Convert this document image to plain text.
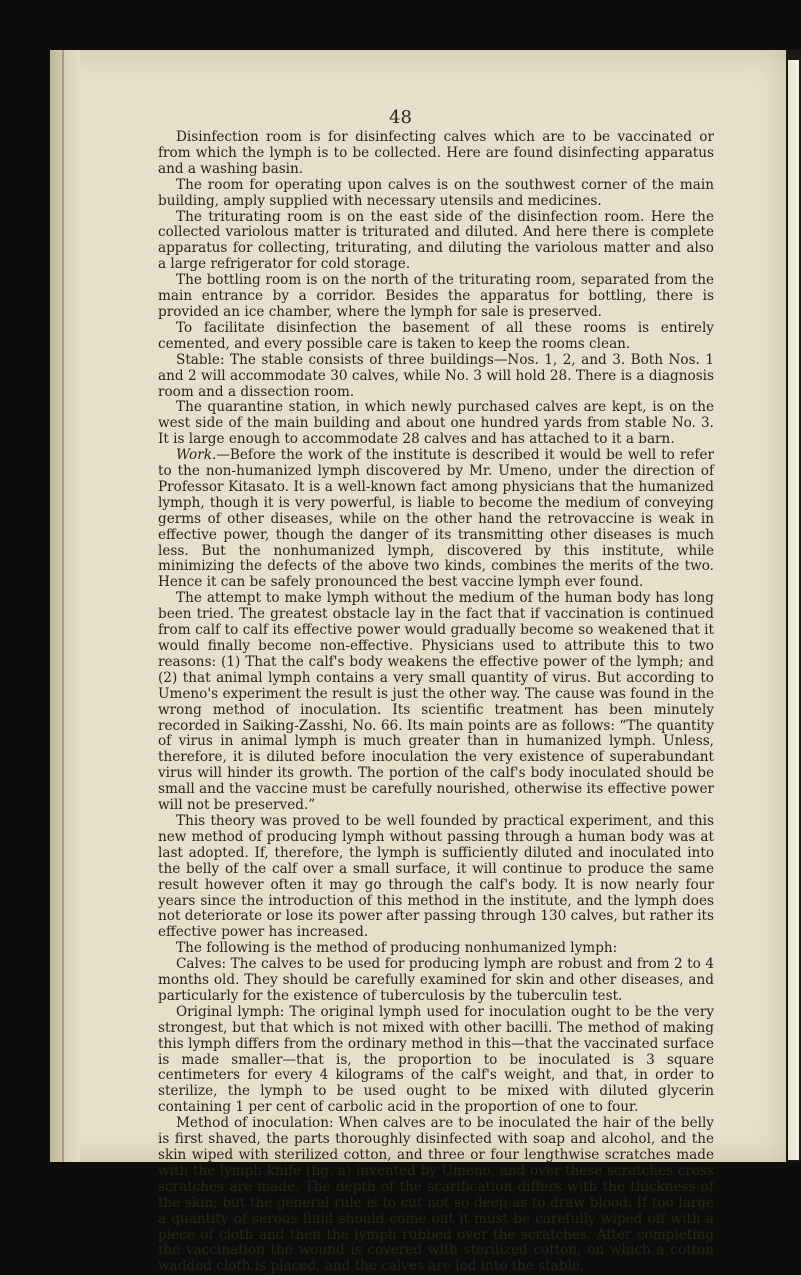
48

Disinfection room is for disinfecting calves which are to be vaccinated or from which the lymph is to be collected. Here are found disinfecting apparatus and a washing basin.

The room for operating upon calves is on the southwest corner of the main building, amply supplied with necessary utensils and medicines.

The triturating room is on the east side of the disinfection room. Here the collected variolous matter is triturated and diluted. And here there is complete apparatus for collecting, triturating, and diluting the variolous matter and also a large refrigerator for cold storage.

The bottling room is on the north of the triturating room, separated from the main entrance by a corridor. Besides the apparatus for bottling, there is provided an ice chamber, where the lymph for sale is preserved.

To facilitate disinfection the basement of all these rooms is entirely cemented, and every possible care is taken to keep the rooms clean.

Stable: The stable consists of three buildings—Nos. 1, 2, and 3. Both Nos. 1 and 2 will accommodate 30 calves, while No. 3 will hold 28. There is a diagnosis room and a dissection room.

The quarantine station, in which newly purchased calves are kept, is on the west side of the main building and about one hundred yards from stable No. 3. It is large enough to accommodate 28 calves and has attached to it a barn.

Work.—Before the work of the institute is described it would be well to refer to the non-humanized lymph discovered by Mr. Umeno, under the direction of Professor Kitasato. It is a well-known fact among physicians that the humanized lymph, though it is very powerful, is liable to become the medium of conveying germs of other diseases, while on the other hand the retrovaccine is weak in effective power, though the danger of its transmitting other diseases is much less. But the nonhumanized lymph, discovered by this institute, while minimizing the defects of the above two kinds, combines the merits of the two. Hence it can be safely pronounced the best vaccine lymph ever found.

The attempt to make lymph without the medium of the human body has long been tried. The greatest obstacle lay in the fact that if vaccination is continued from calf to calf its effective power would gradually become so weakened that it would finally become non-effective. Physicians used to attribute this to two reasons: (1) That the calf's body weakens the effective power of the lymph; and (2) that animal lymph contains a very small quantity of virus. But according to Umeno's experiment the result is just the other way. The cause was found in the wrong method of inoculation. Its scientific treatment has been minutely recorded in Saiking-Zasshi, No. 66. Its main points are as follows: “The quantity of virus in animal lymph is much greater than in humanized lymph. Unless, therefore, it is diluted before inoculation the very existence of superabundant virus will hinder its growth. The portion of the calf's body inoculated should be small and the vaccine must be carefully nourished, otherwise its effective power will not be preserved.”

This theory was proved to be well founded by practical experiment, and this new method of producing lymph without passing through a human body was at last adopted. If, therefore, the lymph is sufficiently diluted and inoculated into the belly of the calf over a small surface, it will continue to produce the same result however often it may go through the calf's body. It is now nearly four years since the introduction of this method in the institute, and the lymph does not deteriorate or lose its power after passing through 130 calves, but rather its effective power has increased.

The following is the method of producing nonhumanized lymph:

Calves: The calves to be used for producing lymph are robust and from 2 to 4 months old. They should be carefully examined for skin and other diseases, and particularly for the existence of tuberculosis by the tuberculin test.

Original lymph: The original lymph used for inoculation ought to be the very strongest, but that which is not mixed with other bacilli. The method of making this lymph differs from the ordinary method in this—that the vaccinated surface is made smaller—that is, the proportion to be inoculated is 3 square centimeters for every 4 kilograms of the calf's weight, and that, in order to sterilize, the lymph to be used ought to be mixed with diluted glycerin containing 1 per cent of carbolic acid in the proportion of one to four.

Method of inoculation: When calves are to be inoculated the hair of the belly is first shaved, the parts thoroughly disinfected with soap and alcohol, and the skin wiped with sterilized cotton, and three or four lengthwise scratches made with the lymph knife (fig. a) invented by Umeno, and over these scratches cross scratches are made. The depth of the scarification differs with the thickness of the skin; but the general rule is to cut not so deep as to draw blood. If too large a quantity of serous fluid should come out it must be carefully wiped off with a piece of cloth and then the lymph rubbed over the scratches. After completing the vaccination the wound is covered with sterilized cotton, on which a cotton wadded cloth is placed, and the calves are led into the stable.
